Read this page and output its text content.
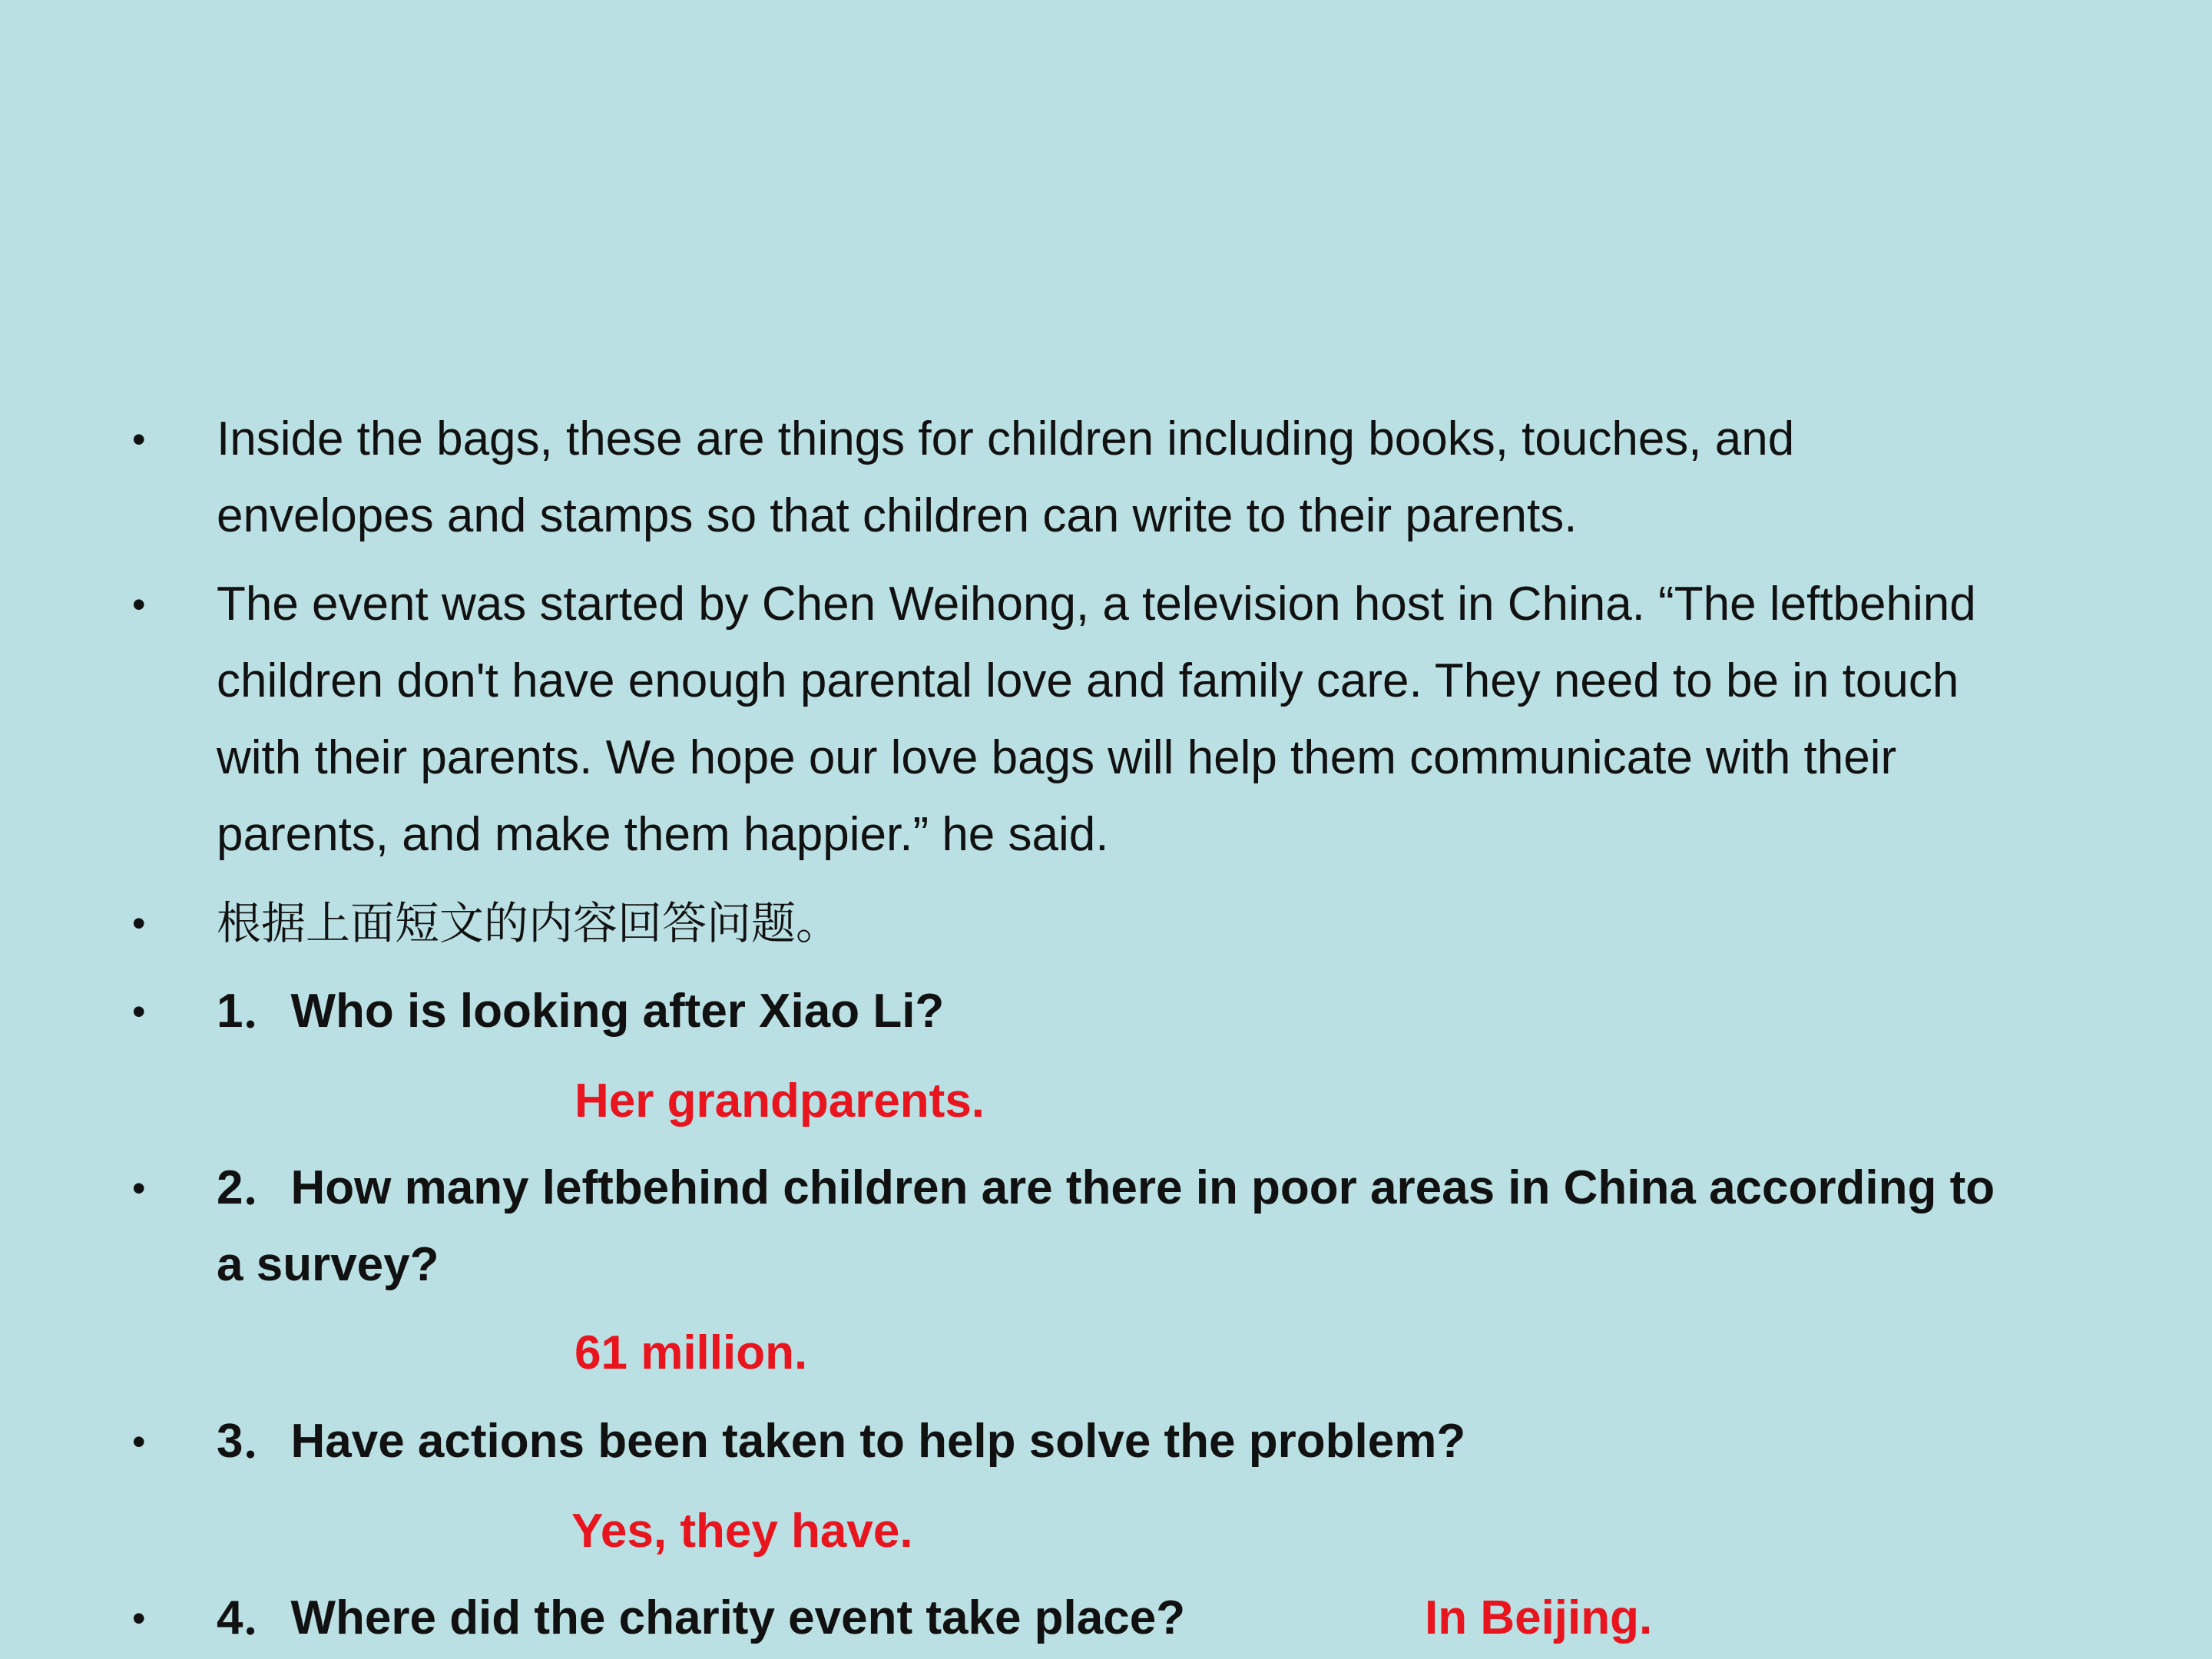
• Inside the bags, these are things for children including books, touches, and
envelopes and stamps so that children can write to their parents.
• The event was started by Chen Weihong, a television host in China. “The leftbehind
children don't have enough parental love and family care. They need to be in touch
with their parents. We hope our love bags will help them communicate with their
parents, and make them happier.” he said.
• 根据上面短文的内容回答问题。
• 1．Who is looking after Xiao Li?
Her grandparents.
• 2．How many leftbehind children are there in poor areas in China according to
a survey?
61 million.
• 3．Have actions been taken to help solve the problem?
Yes, they have.
• 4．Where did the charity event take place?	In Beijing.
